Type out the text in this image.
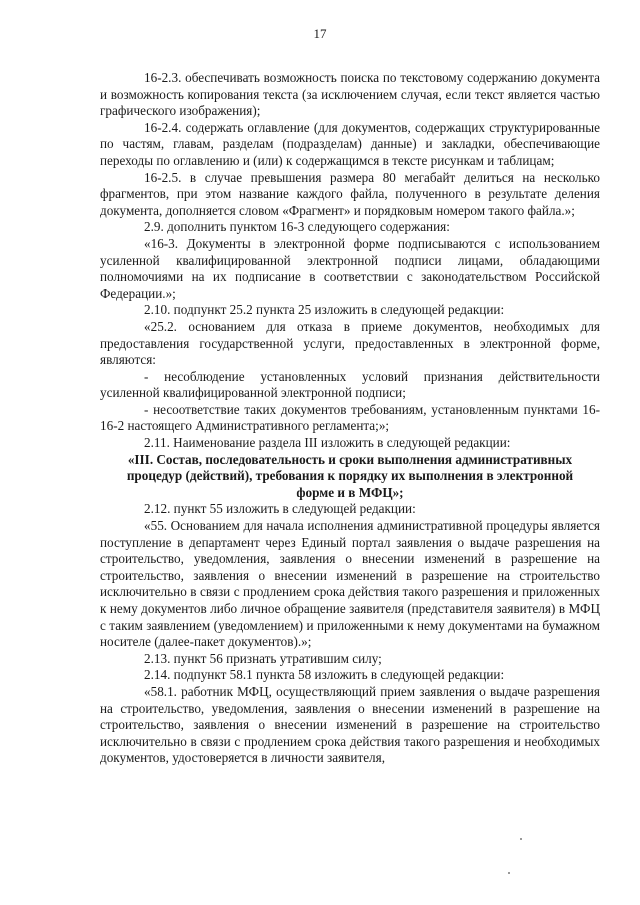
17

16-2.3. обеспечивать возможность поиска по текстовому содержанию документа и возможность копирования текста (за исключением случая, если текст является частью графического изображения);

16-2.4. содержать оглавление (для документов, содержащих структурированные по частям, главам, разделам (подразделам) данные) и закладки, обеспечивающие переходы по оглавлению и (или) к содержащимся в тексте рисункам и таблицам;

16-2.5. в случае превышения размера 80 мегабайт делиться на несколько фрагментов, при этом название каждого файла, полученного в результате деления документа, дополняется словом «Фрагмент» и порядковым номером такого файла.»;

2.9. дополнить пунктом 16-3 следующего содержания:

«16-3. Документы в электронной форме подписываются с использованием усиленной квалифицированной электронной подписи лицами, обладающими полномочиями на их подписание в соответствии с законодательством Российской Федерации.»;

2.10. подпункт 25.2 пункта 25 изложить в следующей редакции:

«25.2. основанием для отказа в приеме документов, необходимых для предоставления государственной услуги, предоставленных в электронной форме, являются:

- несоблюдение установленных условий признания действительности усиленной квалифицированной электронной подписи;

- несоответствие таких документов требованиям, установленным пунктами 16-16-2 настоящего Административного регламента;»;

2.11. Наименование раздела III изложить в следующей редакции:

«III. Состав, последовательность и сроки выполнения административных процедур (действий), требования к порядку их выполнения в электронной форме и в МФЦ»;

2.12. пункт 55 изложить в следующей редакции:

«55. Основанием для начала исполнения административной процедуры является поступление в департамент через Единый портал заявления о выдаче разрешения на строительство, уведомления, заявления о внесении изменений в разрешение на строительство, заявления о внесении изменений в разрешение на строительство исключительно в связи с продлением срока действия такого разрешения и приложенных к нему документов либо личное обращение заявителя (представителя заявителя) в МФЦ с таким заявлением (уведомлением) и приложенными к нему документами на бумажном носителе (далее-пакет документов).»;

2.13. пункт 56 признать утратившим силу;

2.14. подпункт 58.1 пункта 58 изложить в следующей редакции:

«58.1. работник МФЦ, осуществляющий прием заявления о выдаче разрешения на строительство, уведомления, заявления о внесении изменений в разрешение на строительство, заявления о внесении изменений в разрешение на строительство исключительно в связи с продлением срока действия такого разрешения и необходимых документов, удостоверяется в личности заявителя,
